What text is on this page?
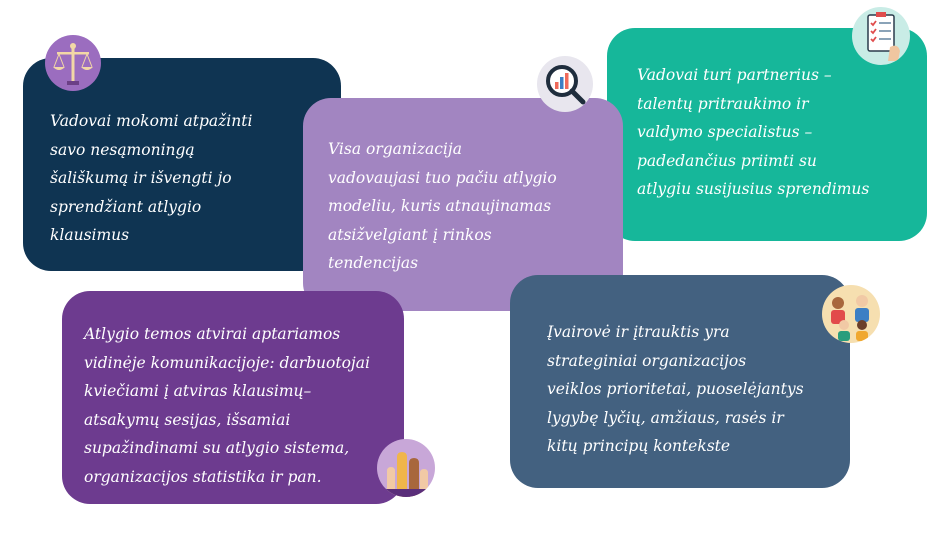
Vadovai mokomi atpažinti
savo nesąmoningą
šališkumą ir išvengti jo
sprendžiant atlygio
klausimus

Vadovai turi partnerius –
talentų pritraukimo ir
valdymo specialistus –
padedančius priimti su
atlygiu susijusius sprendimus

Visa organizacija
vadovaujasi tuo pačiu atlygio
modeliu, kuris atnaujinamas
atsižvelgiant į rinkos
tendencijas

Įvairovė ir įtrauktis yra
strateginiai organizacijos
veiklos prioritetai, puoselėjantys
lygybę lyčių, amžiaus, rasės ir
kitų principų kontekste

Atlygio temos atvirai aptariamos
vidinėje komunikacijoje: darbuotojai
kviečiami į atviras klausimų–
atsakymų sesijas, išsamiai
supažindinami su atlygio sistema,
organizacijos statistika ir pan.
